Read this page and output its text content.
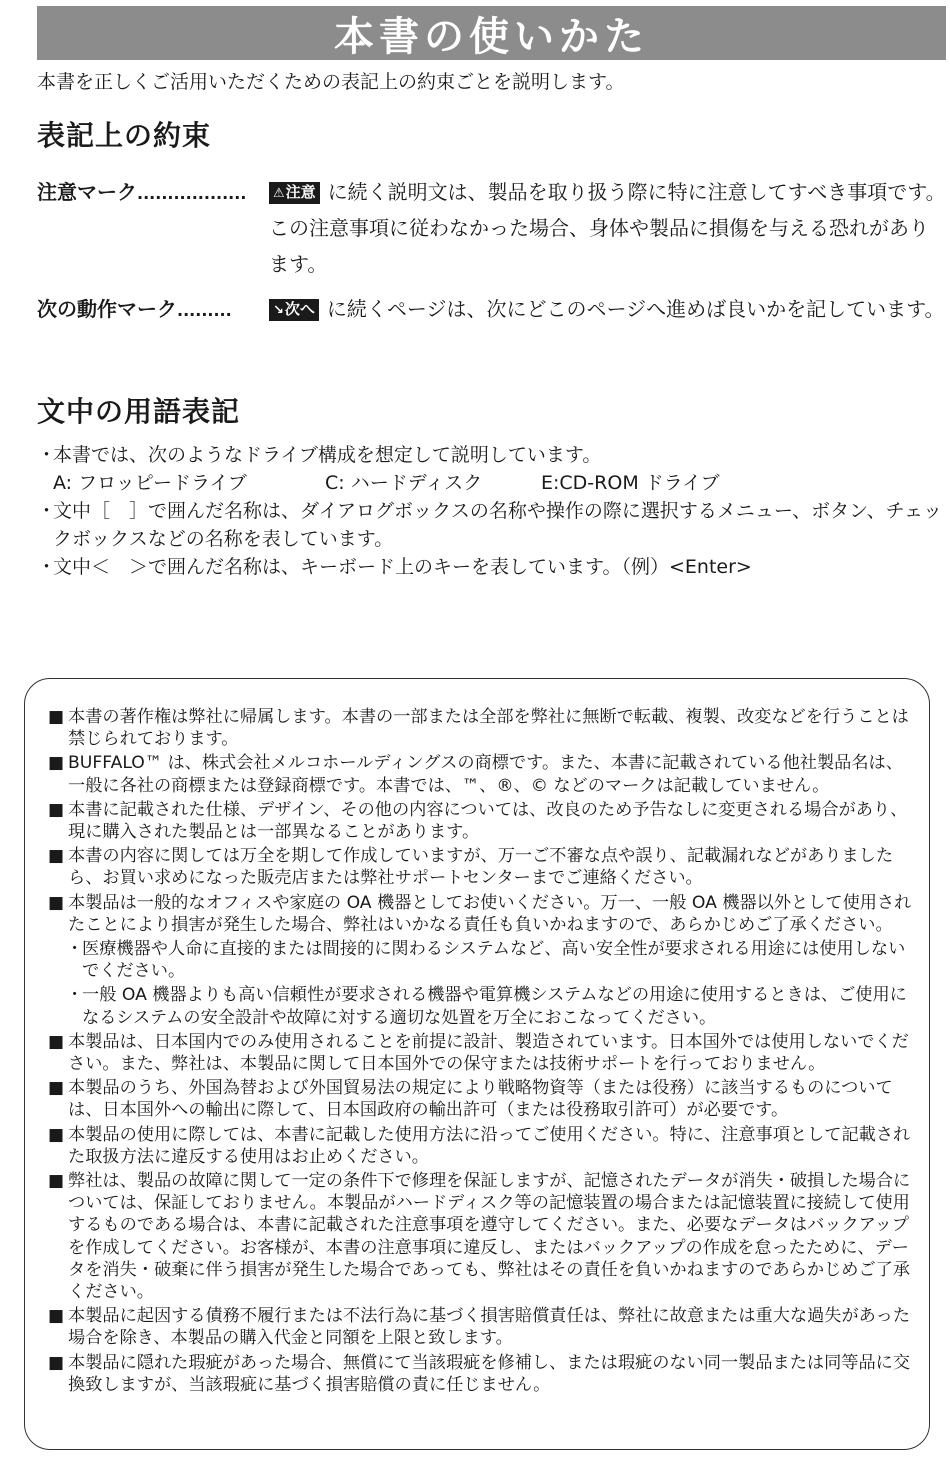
本書の使いかた
本書を正しくご活用いただくための表記上の約束ごとを説明します。
表記上の約束
注意マーク..................	⚠注意 に続く説明文は、製品を取り扱う際に特に注意してすべき事項です。この注意事項に従わなかった場合、身体や製品に損傷を与える恐れがあります。
次の動作マーク.........	↘次へ に続くページは、次にどこのページへ進めば良いかを記しています。
文中の用語表記
・
本書では、次のようなドライブ構成を想定して説明しています。
A: フロッピードライブ	C: ハードディスク	E:CD-ROM ドライブ
・
文中［　］で囲んだ名称は、ダイアログボックスの名称や操作の際に選択するメニュー、ボタン、チェックボックスなどの名称を表しています。
・
文中＜　＞で囲んだ名称は、キーボード上のキーを表しています。（例）<Enter>
■ 本書の著作権は弊社に帰属します。本書の一部または全部を弊社に無断で転載、複製、改変などを行うことは禁じられております。
■ BUFFALO™ は、株式会社メルコホールディングスの商標です。また、本書に記載されている他社製品名は、一般に各社の商標または登録商標です。本書では、™、®、© などのマークは記載していません。
■ 本書に記載された仕様、デザイン、その他の内容については、改良のため予告なしに変更される場合があり、現に購入された製品とは一部異なることがあります。
■ 本書の内容に関しては万全を期して作成していますが、万一ご不審な点や誤り、記載漏れなどがありましたら、お買い求めになった販売店または弊社サポートセンターまでご連絡ください。
■ 本製品は一般的なオフィスや家庭の OA 機器としてお使いください。万一、一般 OA 機器以外として使用されたことにより損害が発生した場合、弊社はいかなる責任も負いかねますので、あらかじめご了承ください。
・
医療機器や人命に直接的または間接的に関わるシステムなど、高い安全性が要求される用途には使用しないでください。
・
一般 OA 機器よりも高い信頼性が要求される機器や電算機システムなどの用途に使用するときは、ご使用になるシステムの安全設計や故障に対する適切な処置を万全におこなってください。
■ 本製品は、日本国内でのみ使用されることを前提に設計、製造されています。日本国外では使用しないでください。また、弊社は、本製品に関して日本国外での保守または技術サポートを行っておりません。
■ 本製品のうち、外国為替および外国貿易法の規定により戦略物資等（または役務）に該当するものについては、日本国外への輸出に際して、日本国政府の輸出許可（または役務取引許可）が必要です。
■ 本製品の使用に際しては、本書に記載した使用方法に沿ってご使用ください。特に、注意事項として記載された取扱方法に違反する使用はお止めください。
■ 弊社は、製品の故障に関して一定の条件下で修理を保証しますが、記憶されたデータが消失・破損した場合については、保証しておりません。本製品がハードディスク等の記憶装置の場合または記憶装置に接続して使用するものである場合は、本書に記載された注意事項を遵守してください。また、必要なデータはバックアップを作成してください。お客様が、本書の注意事項に違反し、またはバックアップの作成を怠ったために、データを消失・破棄に伴う損害が発生した場合であっても、弊社はその責任を負いかねますのであらかじめご了承ください。
■ 本製品に起因する債務不履行または不法行為に基づく損害賠償責任は、弊社に故意または重大な過失があった場合を除き、本製品の購入代金と同額を上限と致します。
■ 本製品に隠れた瑕疵があった場合、無償にて当該瑕疵を修補し、または瑕疵のない同一製品または同等品に交換致しますが、当該瑕疵に基づく損害賠償の責に任じません。
